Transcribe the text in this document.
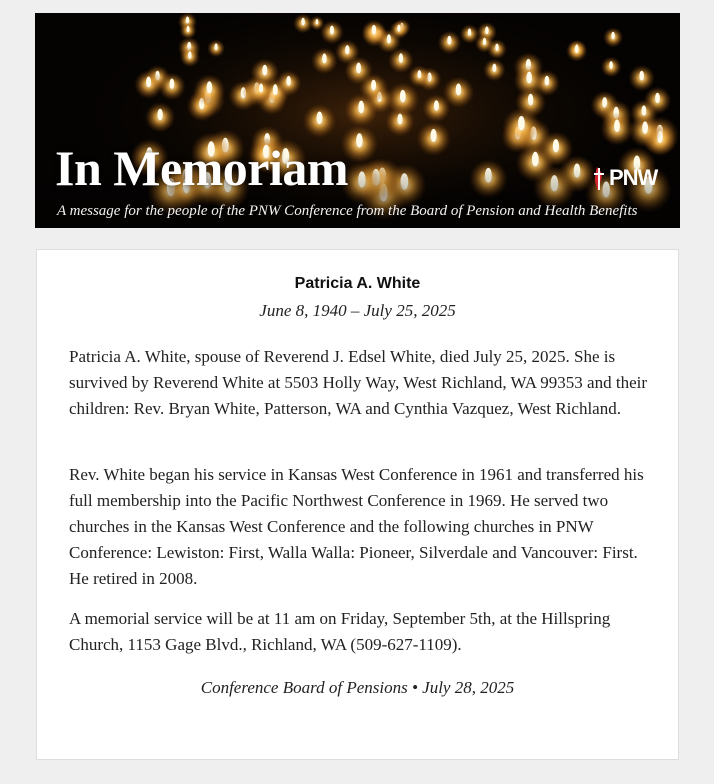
In Memoriam	PNW

A message for the people of the PNW Conference from the Board of Pension and Health Benefits

Patricia A. White

June 8, 1940 – July 25, 2025

Patricia A. White, spouse of Reverend J. Edsel White, died July 25, 2025. She is survived by Reverend White at 5503 Holly Way, West Richland, WA 99353 and their children: Rev. Bryan White, Patterson, WA and Cynthia Vazquez, West Richland.

Rev. White began his service in Kansas West Conference in 1961 and transferred his full membership into the Pacific Northwest Conference in 1969. He served two churches in the Kansas West Conference and the following churches in PNW Conference: Lewiston: First, Walla Walla: Pioneer, Silverdale and Vancouver: First. He retired in 2008.

A memorial service will be at 11 am on Friday, September 5th, at the Hillspring Church, 1153 Gage Blvd., Richland, WA (509-627-1109).

Conference Board of Pensions • July 28, 2025
